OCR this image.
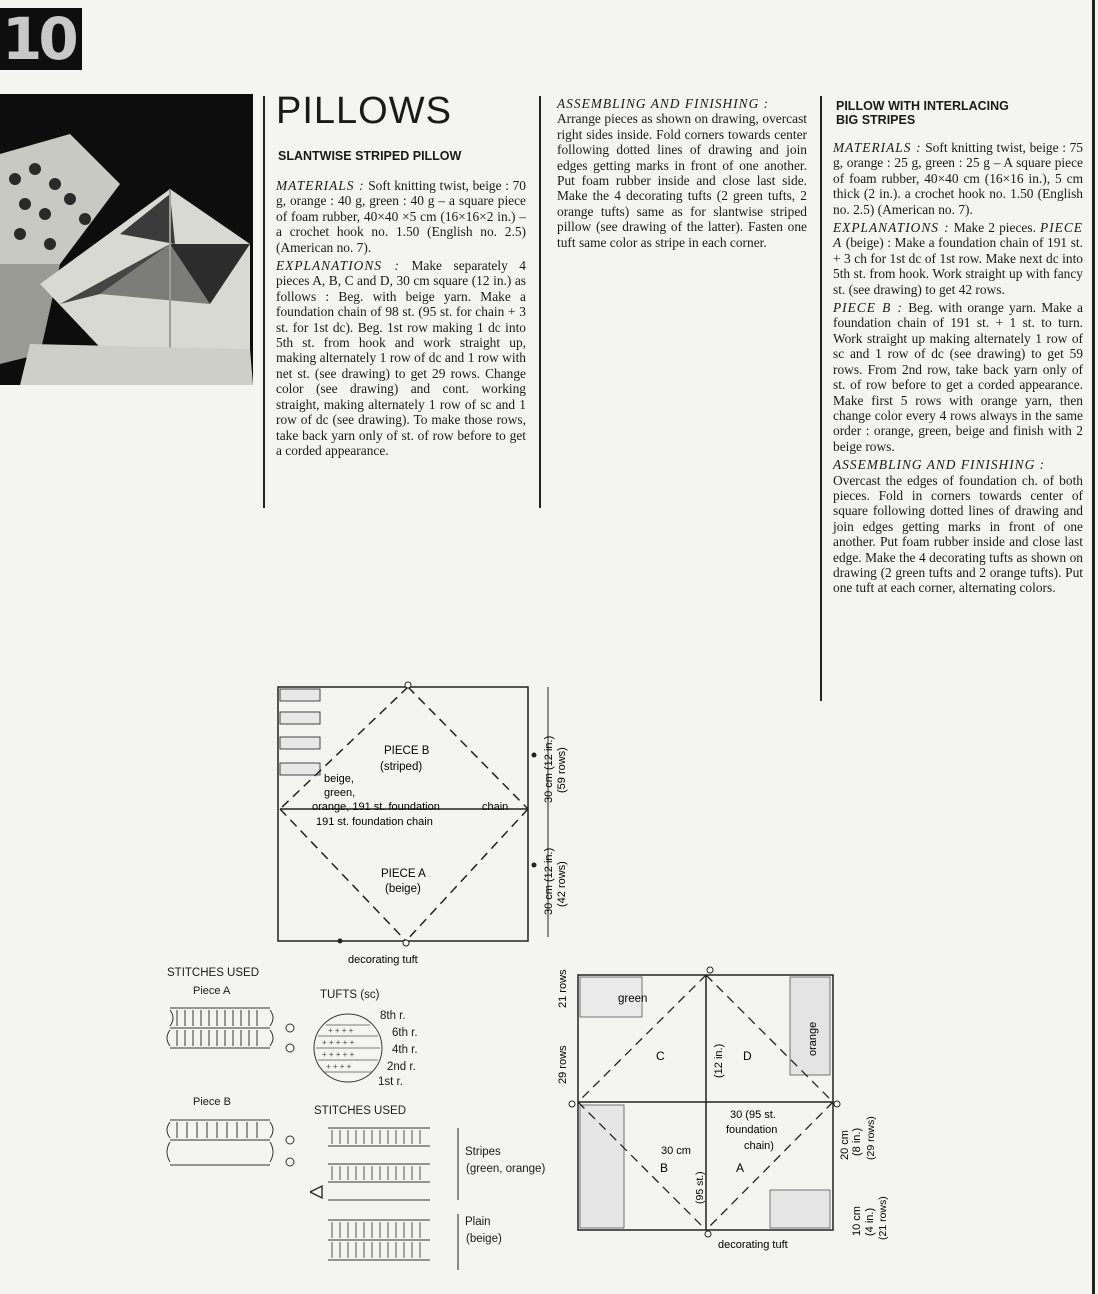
10
PILLOWS
SLANTWISE STRIPED PILLOW

MATERIALS : Soft knitting twist, beige : 70 g, orange : 40 g, green : 40 g – a square piece of foam rubber, 40×40 ×5 cm (16×16×2 in.) – a crochet hook no. 1.50 (English no. 2.5) (American no. 7).

EXPLANATIONS : Make separately 4 pieces A, B, C and D, 30 cm square (12 in.) as follows : Beg. with beige yarn. Make a foundation chain of 98 st. (95 st. for chain + 3 st. for 1st dc). Beg. 1st row making 1 dc into 5th st. from hook and work straight up, making alternately 1 row of dc and 1 row with net st. (see drawing) to get 29 rows. Change color (see drawing) and cont. working straight, making alternately 1 row of sc and 1 row of dc (see drawing). To make those rows, take back yarn only of st. of row before to get a corded appearance.

ASSEMBLING AND FINISHING :
Arrange pieces as shown on drawing, overcast right sides inside. Fold corners towards center following dotted lines of drawing and join edges getting marks in front of one another. Put foam rubber inside and close last side. Make the 4 decorating tufts (2 green tufts, 2 orange tufts) same as for slantwise striped pillow (see drawing of the latter). Fasten one tuft same color as stripe in each corner.
PILLOW WITH INTERLACING
BIG STRIPES

MATERIALS : Soft knitting twist, beige : 75 g, orange : 25 g, green : 25 g – A square piece of foam rubber, 40×40 cm (16×16 in.), 5 cm thick (2 in.). a crochet hook no. 1.50 (English no. 2.5) (American no. 7).

EXPLANATIONS : Make 2 pieces. PIECE A (beige) : Make a foundation chain of 191 st. + 3 ch for 1st dc of 1st row. Make next dc into 5th st. from hook. Work straight up with fancy st. (see drawing) to get 42 rows.

PIECE B : Beg. with orange yarn. Make a foundation chain of 191 st. + 1 st. to turn. Work straight up making alternately 1 row of sc and 1 row of dc (see drawing) to get 59 rows. From 2nd row, take back yarn only of st. of row before to get a corded appearance. Make first 5 rows with orange yarn, then change color every 4 rows always in the same order : orange, green, beige and finish with 2 beige rows.

ASSEMBLING AND FINISHING :
Overcast the edges of foundation ch. of both pieces. Fold in corners towards center of square following dotted lines of drawing and join edges getting marks in front of one another. Put foam rubber inside and close last edge. Make the 4 decorating tufts as shown on drawing (2 green tufts and 2 orange tufts). Put one tuft at each corner, alternating colors.
PIECE B
(striped)
beige,
green,
orange, 191 st. foundation	chain
191 st. foundation chain
PIECE A
(beige)
decorating tuft
30 cm (12 in.) (59 rows)
30 cm (12 in.) (42 rows)
STITCHES USED
Piece A
Piece B
TUFTS (sc)
+ + + +
+ + + + +
+ + + + +
+ + + +
8th r.
6th r.
4th r.
2nd r.
1st r.
STITCHES USED
Stripes
(green, orange)
Plain
(beige)
green
orange
C	D
B	A
(12 in.)
30 cm
(95 st.)
30 (95 st.
foundation
chain)
21 rows
29 rows
decorating tuft
20 cm (8 in.) (29 rows)
10 cm (4 in.) (21 rows)
